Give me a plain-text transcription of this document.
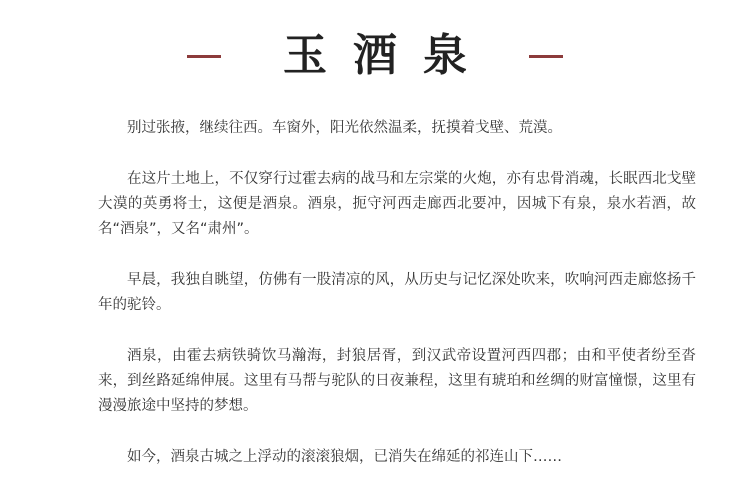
玉酒泉

别过张掖，继续往西。车窗外，阳光依然温柔，抚摸着戈壁、荒漠。

在这片土地上，不仅穿行过霍去病的战马和左宗棠的火炮，亦有忠骨消魂，长眠西北戈壁大漠的英勇将士，这便是酒泉。酒泉，扼守河西走廊西北要冲，因城下有泉，泉水若酒，故名“酒泉”，又名“肃州”。

早晨，我独自眺望，仿佛有一股清凉的风，从历史与记忆深处吹来，吹响河西走廊悠扬千年的驼铃。

酒泉，由霍去病铁骑饮马瀚海，封狼居胥，到汉武帝设置河西四郡；由和平使者纷至沓来，到丝路延绵伸展。这里有马帮与驼队的日夜兼程，这里有琥珀和丝绸的财富憧憬，这里有漫漫旅途中坚持的梦想。

如今，酒泉古城之上浮动的滚滚狼烟，已消失在绵延的祁连山下……
